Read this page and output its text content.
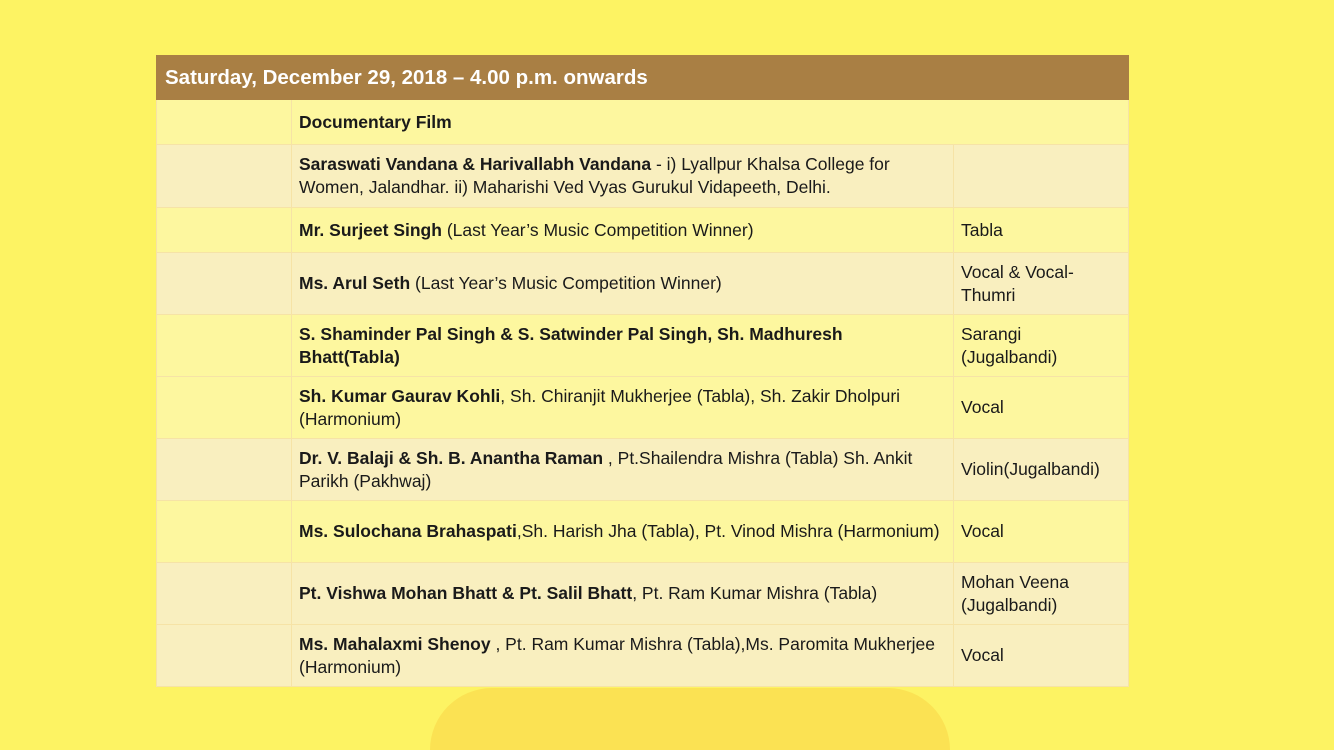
Saturday, December 29, 2018 – 4.00 p.m. onwards		
	Documentary Film	
	Saraswati Vandana & Harivallabh Vandana - i) Lyallpur Khalsa College for Women, Jalandhar. ii) Maharishi Ved Vyas Gurukul Vidapeeth, Delhi.	
	Mr. Surjeet Singh (Last Year’s Music Competition Winner)	Tabla
	Ms. Arul Seth (Last Year’s Music Competition Winner)	Vocal & Vocal-Thumri
	S. Shaminder Pal Singh & S. Satwinder Pal Singh, Sh. Madhuresh Bhatt(Tabla)	Sarangi (Jugalbandi)
	Sh. Kumar Gaurav Kohli, Sh. Chiranjit Mukherjee (Tabla), Sh. Zakir Dholpuri (Harmonium)	Vocal
	Dr. V. Balaji & Sh. B. Anantha Raman , Pt.Shailendra Mishra (Tabla) Sh. Ankit Parikh (Pakhwaj)	Violin(Jugalbandi)
	Ms. Sulochana Brahaspati,Sh. Harish Jha (Tabla), Pt. Vinod Mishra (Harmonium)	Vocal
	Pt. Vishwa Mohan Bhatt & Pt. Salil Bhatt, Pt. Ram Kumar Mishra (Tabla)	Mohan Veena (Jugalbandi)
	Ms. Mahalaxmi Shenoy , Pt. Ram Kumar Mishra (Tabla),Ms. Paromita Mukherjee (Harmonium)	Vocal
